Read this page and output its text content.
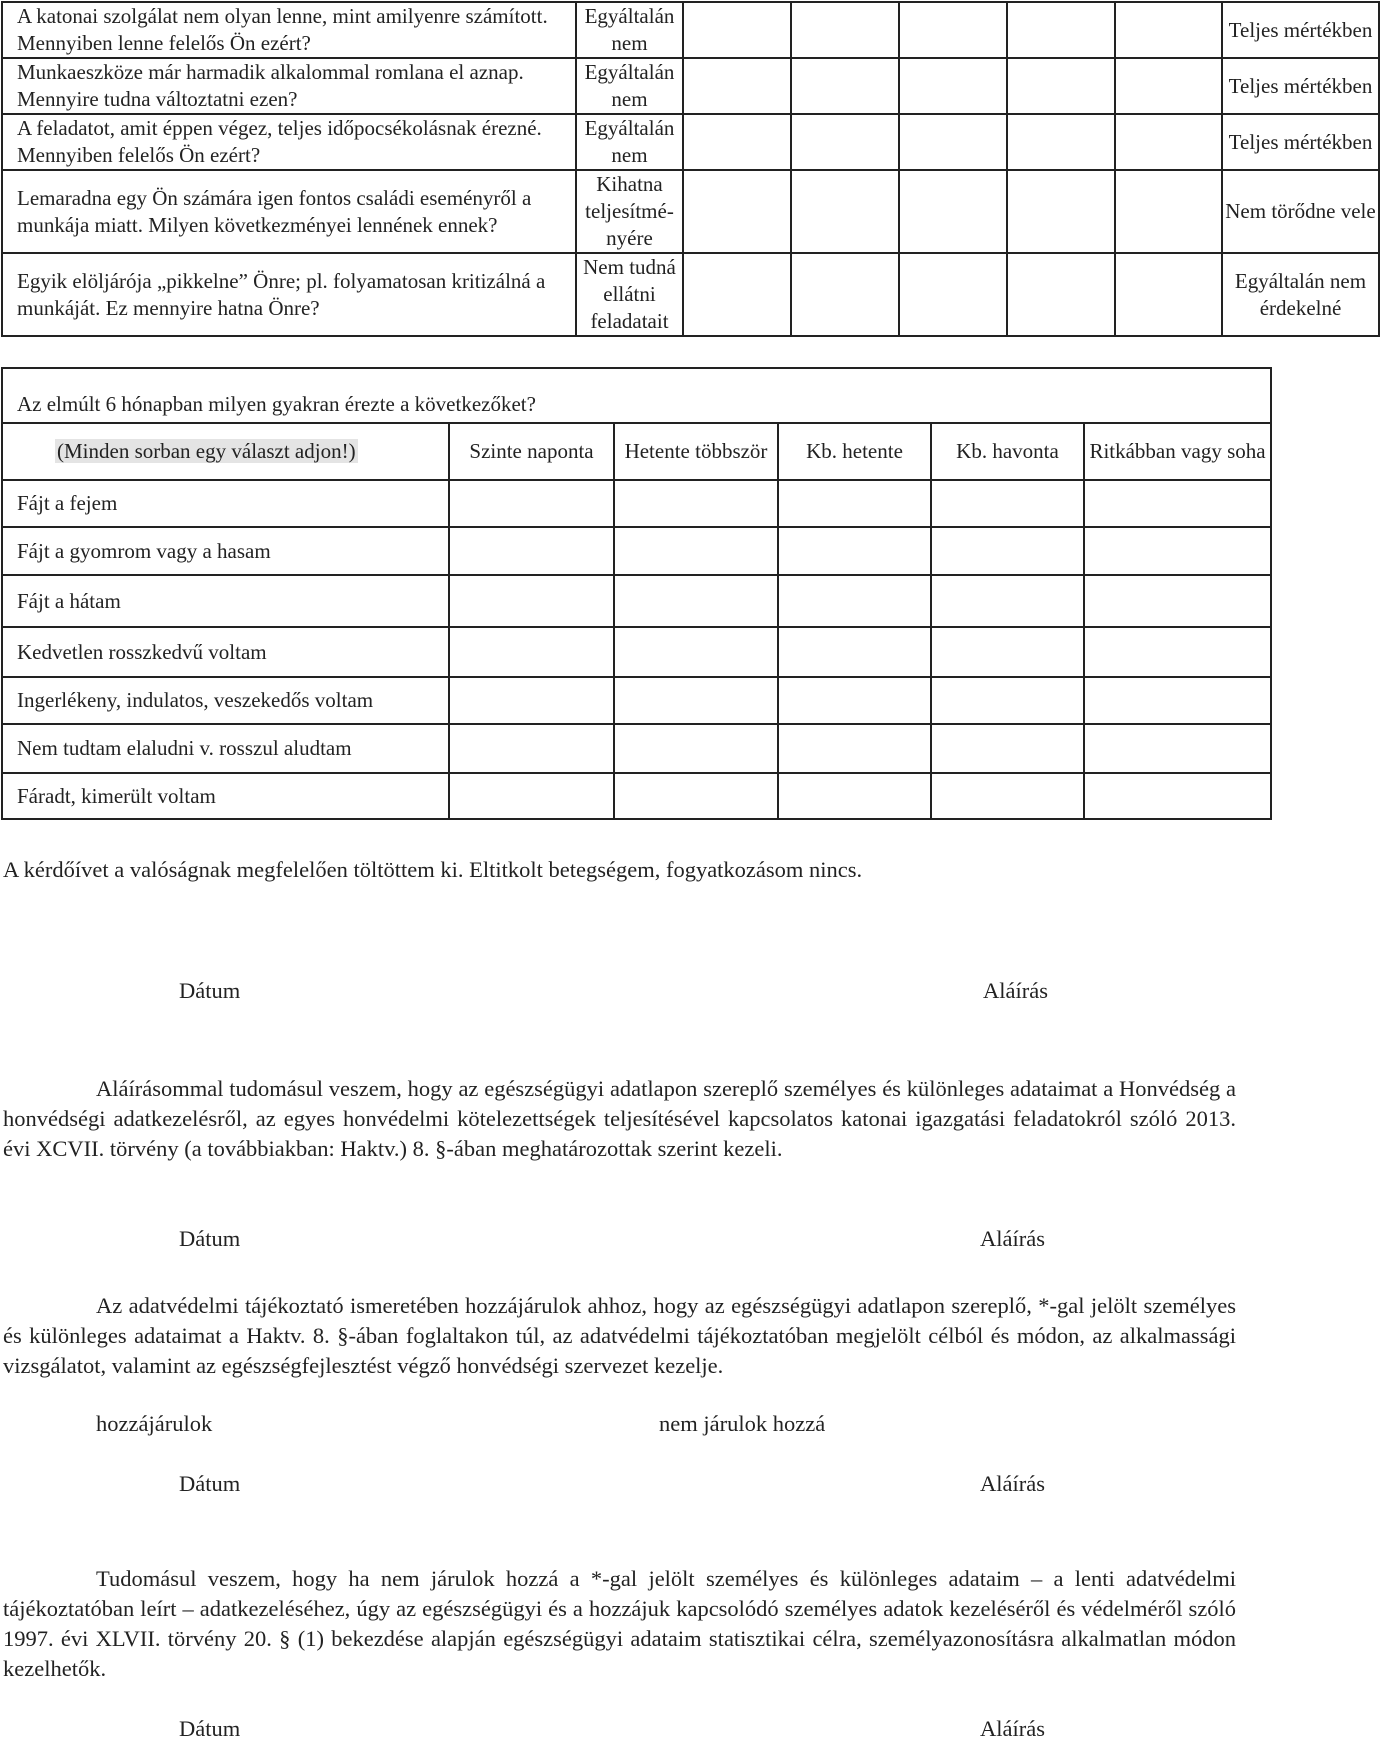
A katonai szolgálat nem olyan lenne, mint amilyenre számított. Mennyiben lenne felelős Ön ezért?	Egyáltalán nem						Teljes mértékben
Munkaeszköze már harmadik alkalommal romlana el aznap. Mennyire tudna változtatni ezen?	Egyáltalán nem						Teljes mértékben
A feladatot, amit éppen végez, teljes időpocsékolásnak érezné. Mennyiben felelős Ön ezért?	Egyáltalán nem						Teljes mértékben
Lemaradna egy Ön számára igen fontos családi eseményről a munkája miatt. Milyen következményei lennének ennek?	Kihatna teljesítmé-nyére						Nem törődne vele
Egyik elöljárója „pikkelne” Önre; pl. folyamatosan kritizálná a munkáját. Ez mennyire hatna Önre?	Nem tudná ellátni feladatait						Egyáltalán nem érdekelné
Az elmúlt 6 hónapban milyen gyakran érezte a következőket?					
(Minden sorban egy választ adjon!)	Szinte naponta	Hetente többször	Kb. hetente	Kb. havonta	Ritkábban vagy soha
Fájt a fejem					
Fájt a gyomrom vagy a hasam					
Fájt a hátam					
Kedvetlen rosszkedvű voltam					
Ingerlékeny, indulatos, veszekedős voltam					
Nem tudtam elaludni v. rosszul aludtam					
Fáradt, kimerült voltam					
A kérdőívet a valóságnak megfelelően töltöttem ki. Eltitkolt betegségem, fogyatkozásom nincs.
Dátum	Aláírás
Aláírásommal tudomásul veszem, hogy az egészségügyi adatlapon szereplő személyes és különleges adataimat a Honvédség a honvédségi adatkezelésről, az egyes honvédelmi kötelezettségek teljesítésével kapcsolatos katonai igazgatási feladatokról szóló 2013. évi XCVII. törvény (a továbbiakban: Haktv.) 8. §-ában meghatározottak szerint kezeli.
Dátum	Aláírás
Az adatvédelmi tájékoztató ismeretében hozzájárulok ahhoz, hogy az egészségügyi adatlapon szereplő, *-gal jelölt személyes és különleges adataimat a Haktv. 8. §-ában foglaltakon túl, az adatvédelmi tájékoztatóban megjelölt célból és módon, az alkalmassági vizsgálatot, valamint az egészségfejlesztést végző honvédségi szervezet kezelje.
hozzájárulok	nem járulok hozzá
Dátum	Aláírás
Tudomásul veszem, hogy ha nem járulok hozzá a *-gal jelölt személyes és különleges adataim – a lenti adatvédelmi tájékoztatóban leírt – adatkezeléséhez, úgy az egészségügyi és a hozzájuk kapcsolódó személyes adatok kezeléséről és védelméről szóló 1997. évi XLVII. törvény 20. § (1) bekezdése alapján egészségügyi adataim statisztikai célra, személyazonosításra alkalmatlan módon kezelhetők.
Dátum	Aláírás
